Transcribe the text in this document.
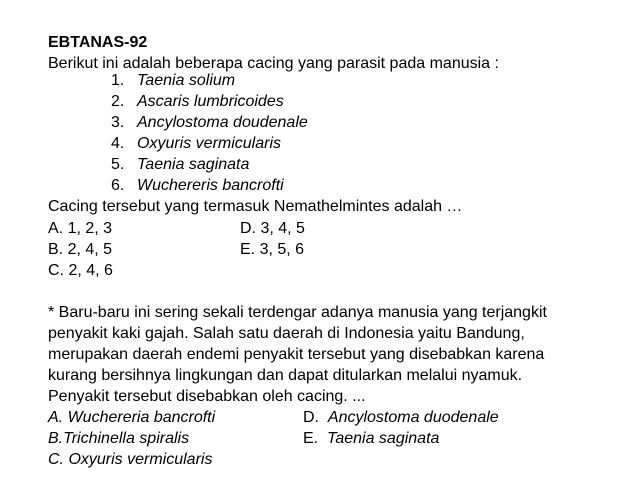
EBTANAS-92
Berikut ini adalah beberapa cacing yang parasit pada manusia :
1. Taenia solium
2. Ascaris lumbricoides
3. Ancylostoma doudenale
4. Oxyuris vermicularis
5. Taenia saginata
6. Wuchereris bancrofti
Cacing tersebut yang termasuk Nemathelmintes adalah …
A. 1, 2, 3	D. 3, 4, 5
B. 2, 4, 5	E. 3, 5, 6
C. 2, 4, 6
* Baru-baru ini sering sekali terdengar adanya manusia yang terjangkit
penyakit kaki gajah. Salah satu daerah di Indonesia yaitu Bandung,
merupakan daerah endemi penyakit tersebut yang disebabkan karena
kurang bersihnya lingkungan dan dapat ditularkan melalui nyamuk.
Penyakit tersebut disebabkan oleh cacing. ...
A. Wuchereria bancrofti	D. Ancylostoma duodenale
B.Trichinella spiralis	E. Taenia saginata
C. Oxyuris vermicularis
